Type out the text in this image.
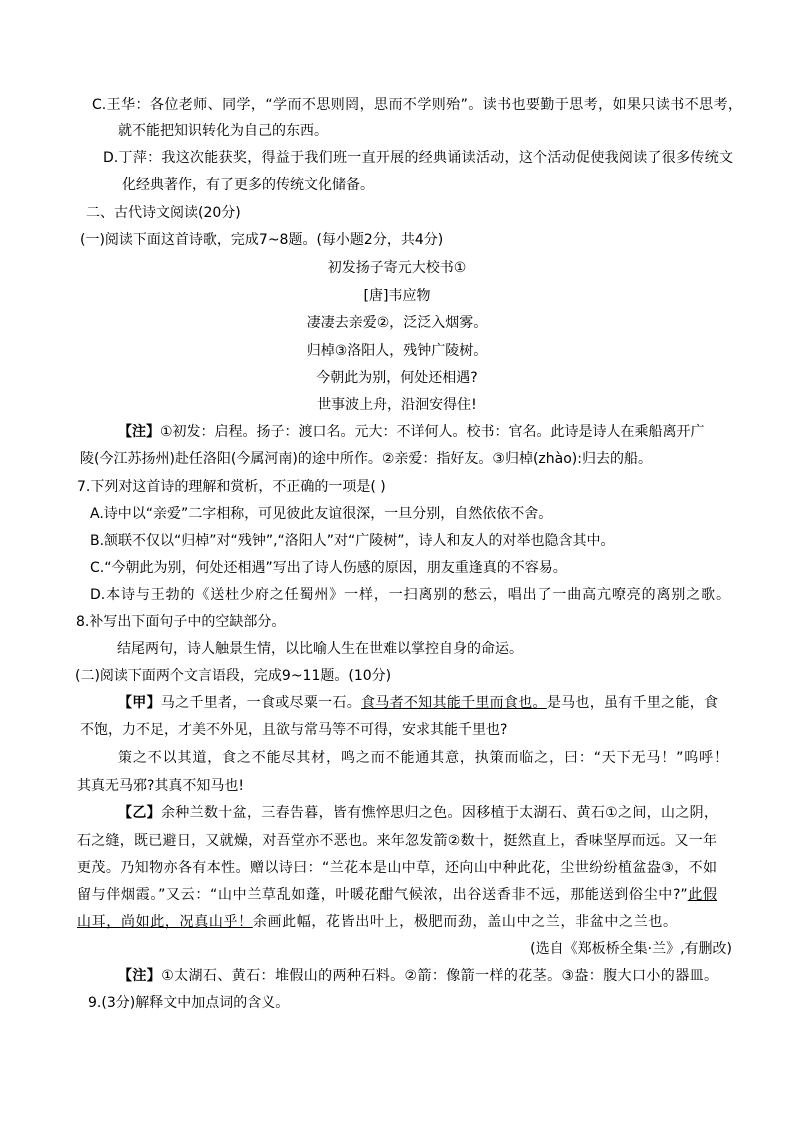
C.王华：各位老师、同学，“学而不思则罔，思而不学则殆”。读书也要勤于思考，如果只读书不思考，
就不能把知识转化为自己的东西。
D.丁萍：我这次能获奖，得益于我们班一直开展的经典诵读活动，这个活动促使我阅读了很多传统文
化经典著作，有了更多的传统文化储备。
二、古代诗文阅读(20分)
(一)阅读下面这首诗歌，完成7~8题。(每小题2分，共4分)
初发扬子寄元大校书①
[唐]韦应物
凄凄去亲爱②，泛泛入烟雾。
归棹③洛阳人，残钟广陵树。
今朝此为别，何处还相遇?
世事波上舟，沿洄安得住!
【注】①初发：启程。扬子：渡口名。元大：不详何人。校书：官名。此诗是诗人在乘船离开广
陵(今江苏扬州)赴任洛阳(今属河南)的途中所作。②亲爱：指好友。③归棹(zhào):归去的船。
7.下列对这首诗的理解和赏析，不正确的一项是( )
A.诗中以“亲爱”二字相称，可见彼此友谊很深，一旦分别，自然依依不舍。
B.颔联不仅以“归棹”对“残钟”,“洛阳人”对“广陵树”，诗人和友人的对举也隐含其中。
C.“今朝此为别，何处还相遇”写出了诗人伤感的原因，朋友重逢真的不容易。
D.本诗与王勃的《送杜少府之任蜀州》一样，一扫离别的愁云，唱出了一曲高亢嘹亮的离别之歌。
8.补写出下面句子中的空缺部分。
结尾两句，诗人触景生情，以比喻人生在世难以掌控自身的命运。
(二)阅读下面两个文言语段，完成9~11题。(10分)
【甲】马之千里者，一食或尽粟一石。食马者不知其能千里而食也。是马也，虽有千里之能，食
不饱，力不足，才美不外见，且欲与常马等不可得，安求其能千里也?
策之不以其道，食之不能尽其材，鸣之而不能通其意，执策而临之，曰：“天下无马！”呜呼！
其真无马邪?其真不知马也!
【乙】余种兰数十盆，三春告暮，皆有憔悴思归之色。因移植于太湖石、黄石①之间，山之阴，
石之缝，既已避日，又就燥，对吾堂亦不恶也。来年忽发箭②数十，挺然直上，香味坚厚而远。又一年
更茂。乃知物亦各有本性。赠以诗曰：“兰花本是山中草，还向山中种此花，尘世纷纷植盆盎③，不如
留与伴烟霞。”又云：“山中兰草乱如蓬，叶暖花酣气候浓，出谷送香非不远，那能送到俗尘中?”此假
山耳，尚如此，况真山乎！余画此幅，花皆出叶上，极肥而劲，盖山中之兰，非盆中之兰也。
(选自《郑板桥全集·兰》,有删改)
【注】①太湖石、黄石：堆假山的两种石料。②箭：像箭一样的花茎。③盎：腹大口小的器皿。
9.(3分)解释文中加点词的含义。
